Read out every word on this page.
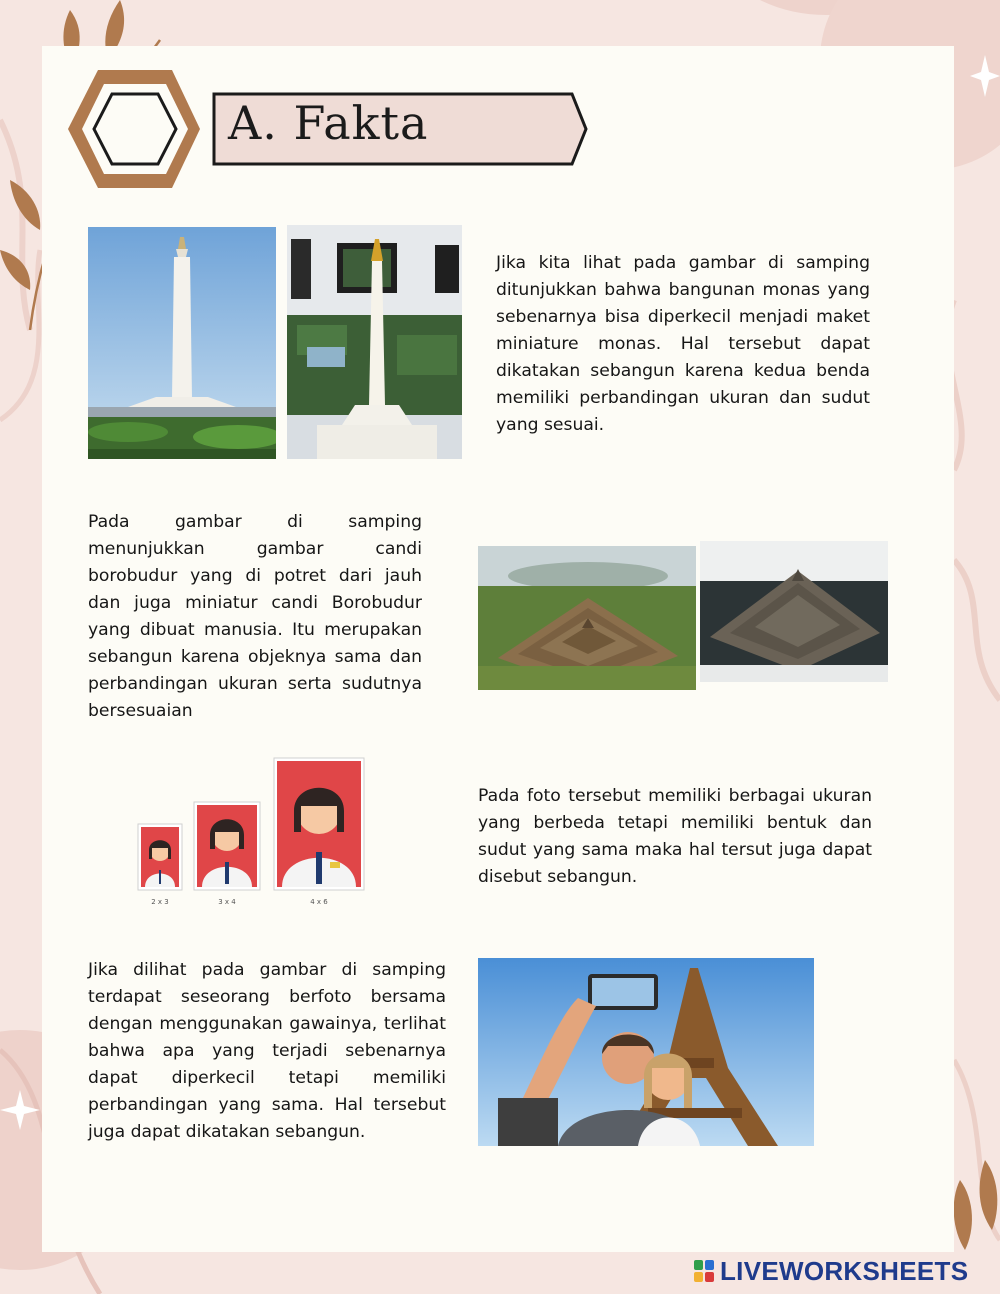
A. Fakta
Jika kita lihat pada gambar di samping ditunjukkan bahwa bangunan monas yang sebenarnya bisa diperkecil menjadi maket miniature monas. Hal tersebut dapat dikatakan sebangun karena kedua benda memiliki perbandingan ukuran dan sudut yang sesuai.
Pada gambar di samping menunjukkan gambar candi borobudur yang di potret dari jauh dan juga miniatur candi Borobudur yang dibuat manusia. Itu merupakan sebangun karena objeknya sama dan perbandingan ukuran serta sudutnya bersesuaian
2 x 3	3 x 4	4 x 6
Pada foto tersebut memiliki berbagai ukuran yang berbeda tetapi memiliki bentuk dan sudut yang sama maka hal tersut juga dapat disebut sebangun.
Jika dilihat pada gambar di samping terdapat seseorang berfoto bersama dengan menggunakan gawainya, terlihat bahwa apa yang terjadi sebenarnya dapat diperkecil tetapi memiliki perbandingan yang sama. Hal tersebut juga dapat dikatakan sebangun.
LIVEWORKSHEETS
